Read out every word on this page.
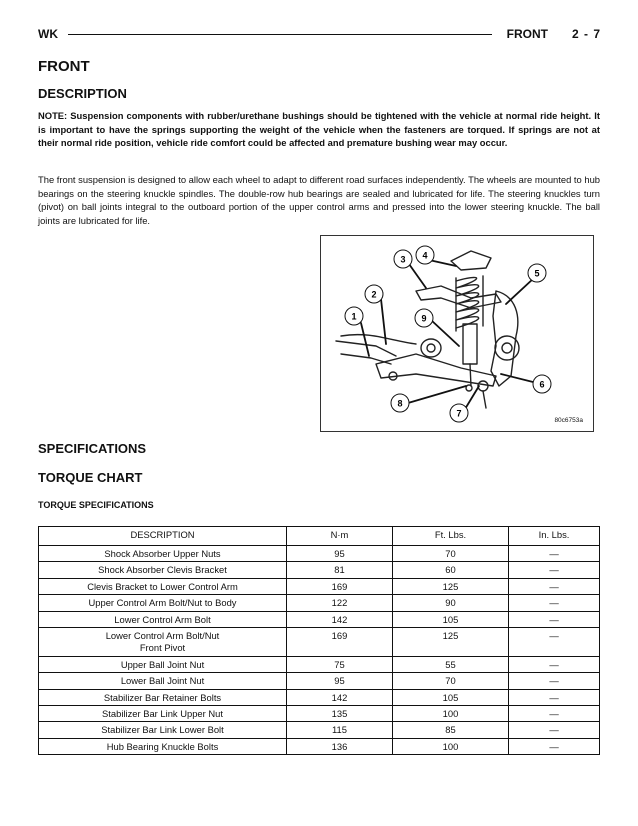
WK	FRONT 2 - 7
FRONT
DESCRIPTION
NOTE: Suspension components with rubber/urethane bushings should be tightened with the vehicle at normal ride height. It is important to have the springs supporting the weight of the vehicle when the fasteners are torqued. If springs are not at their normal ride position, vehicle ride comfort could be affected and premature bushing wear may occur.
The front suspension is designed to allow each wheel to adapt to different road surfaces independently. The wheels are mounted to hub bearings on the steering knuckle spindles. The double-row hub bearings are sealed and lubricated for life. The steering knuckles turn (pivot) on ball joints integral to the outboard portion of the upper control arms and pressed into the lower steering knuckle. The ball joints are lubricated for life.
1
2
3 4
5
6
7
8
9
80c6753a
SPECIFICATIONS
TORQUE CHART
TORQUE SPECIFICATIONS
DESCRIPTION	N·m	Ft. Lbs.	In. Lbs.
Shock Absorber Upper Nuts	95	70	—
Shock Absorber Clevis Bracket	81	60	—
Clevis Bracket to Lower Control Arm	169	125	—
Upper Control Arm Bolt/Nut to Body	122	90	—
Lower Control Arm Bolt	142	105	—
Lower Control Arm Bolt/Nut
Front Pivot	169	125	—
Upper Ball Joint Nut	75	55	—
Lower Ball Joint Nut	95	70	—
Stabilizer Bar Retainer Bolts	142	105	—
Stabilizer Bar Link Upper Nut	135	100	—
Stabilizer Bar Link Lower Bolt	115	85	—
Hub Bearing Knuckle Bolts	136	100	—
